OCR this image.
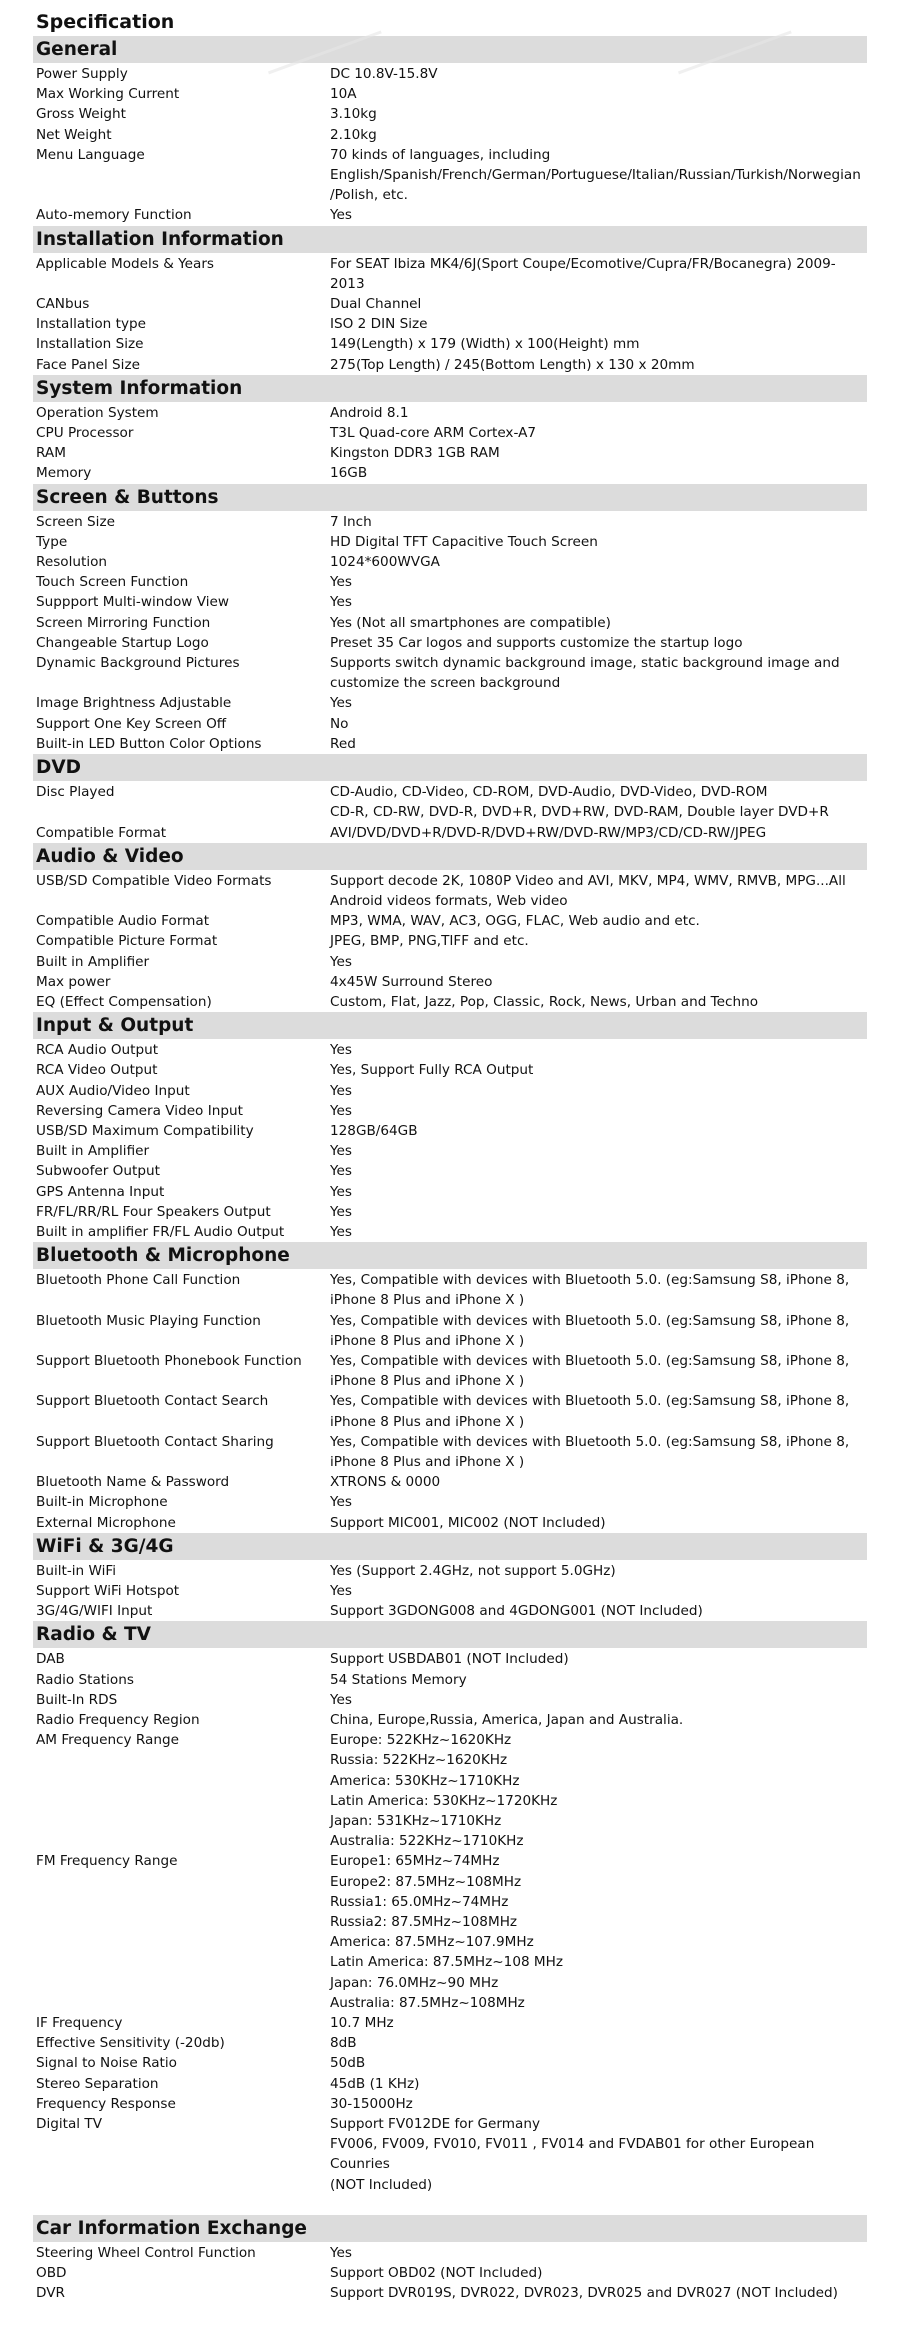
Specification
General
Power Supply	DC 10.8V-15.8V
Max Working Current	10A
Gross Weight	3.10kg
Net Weight	2.10kg
Menu Language	70 kinds of languages, including
English/Spanish/French/German/Portuguese/Italian/Russian/Turkish/Norwegian
/Polish, etc.
Auto-memory Function	Yes
Installation Information
Applicable Models & Years	For SEAT Ibiza MK4/6J(Sport Coupe/Ecomotive/Cupra/FR/Bocanegra) 2009-
2013
CANbus	Dual Channel
Installation type	ISO 2 DIN Size
Installation Size	149(Length) x 179 (Width) x 100(Height) mm
Face Panel Size	275(Top Length) / 245(Bottom Length) x 130 x 20mm
System Information
Operation System	Android 8.1
CPU Processor	T3L Quad-core ARM Cortex-A7
RAM	Kingston DDR3 1GB RAM
Memory	16GB
Screen & Buttons
Screen Size	7 Inch
Type	HD Digital TFT Capacitive Touch Screen
Resolution	1024*600WVGA
Touch Screen Function	Yes
Suppport Multi-window View	Yes
Screen Mirroring Function	Yes (Not all smartphones are compatible)
Changeable Startup Logo	Preset 35 Car logos and supports customize the startup logo
Dynamic Background Pictures	Supports switch dynamic background image, static background image and
customize the screen background
Image Brightness Adjustable	Yes
Support One Key Screen Off	No
Built-in LED Button Color Options	Red
DVD
Disc Played	CD-Audio, CD-Video, CD-ROM, DVD-Audio, DVD-Video, DVD-ROM
CD-R, CD-RW, DVD-R, DVD+R, DVD+RW, DVD-RAM, Double layer DVD+R
Compatible Format	AVI/DVD/DVD+R/DVD-R/DVD+RW/DVD-RW/MP3/CD/CD-RW/JPEG
Audio & Video
USB/SD Compatible Video Formats	Support decode 2K, 1080P Video and AVI, MKV, MP4, WMV, RMVB, MPG...All
Android videos formats, Web video
Compatible Audio Format	MP3, WMA, WAV, AC3, OGG, FLAC, Web audio and etc.
Compatible Picture Format	JPEG, BMP, PNG,TIFF and etc.
Built in Amplifier	Yes
Max power	4x45W Surround Stereo
EQ (Effect Compensation)	Custom, Flat, Jazz, Pop, Classic, Rock, News, Urban and Techno
Input & Output
RCA Audio Output	Yes
RCA Video Output	Yes, Support Fully RCA Output
AUX Audio/Video Input	Yes
Reversing Camera Video Input	Yes
USB/SD Maximum Compatibility	128GB/64GB
Built in Amplifier	Yes
Subwoofer Output	Yes
GPS Antenna Input	Yes
FR/FL/RR/RL Four Speakers Output	Yes
Built in amplifier FR/FL Audio Output	Yes
Bluetooth & Microphone
Bluetooth Phone Call Function	Yes, Compatible with devices with Bluetooth 5.0. (eg:Samsung S8, iPhone 8,
iPhone 8 Plus and iPhone X )
Bluetooth Music Playing Function	Yes, Compatible with devices with Bluetooth 5.0. (eg:Samsung S8, iPhone 8,
iPhone 8 Plus and iPhone X )
Support Bluetooth Phonebook Function	Yes, Compatible with devices with Bluetooth 5.0. (eg:Samsung S8, iPhone 8,
iPhone 8 Plus and iPhone X )
Support Bluetooth Contact Search	Yes, Compatible with devices with Bluetooth 5.0. (eg:Samsung S8, iPhone 8,
iPhone 8 Plus and iPhone X )
Support Bluetooth Contact Sharing	Yes, Compatible with devices with Bluetooth 5.0. (eg:Samsung S8, iPhone 8,
iPhone 8 Plus and iPhone X )
Bluetooth Name & Password	XTRONS & 0000
Built-in Microphone	Yes
External Microphone	Support MIC001, MIC002 (NOT Included)
WiFi & 3G/4G
Built-in WiFi	Yes (Support 2.4GHz, not support 5.0GHz)
Support WiFi Hotspot	Yes
3G/4G/WIFI Input	Support 3GDONG008 and 4GDONG001 (NOT Included)
Radio & TV
DAB	Support USBDAB01 (NOT Included)
Radio Stations	54 Stations Memory
Built-In RDS	Yes
Radio Frequency Region	China, Europe,Russia, America, Japan and Australia.
AM Frequency Range	Europe: 522KHz~1620KHz
Russia: 522KHz~1620KHz
America: 530KHz~1710KHz
Latin America: 530KHz~1720KHz
Japan: 531KHz~1710KHz
Australia: 522KHz~1710KHz
FM Frequency Range	Europe1: 65MHz~74MHz
Europe2: 87.5MHz~108MHz
Russia1: 65.0MHz~74MHz
Russia2: 87.5MHz~108MHz
America: 87.5MHz~107.9MHz
Latin America: 87.5MHz~108 MHz
Japan: 76.0MHz~90 MHz
Australia: 87.5MHz~108MHz
IF Frequency	10.7 MHz
Effective Sensitivity (-20db)	8dB
Signal to Noise Ratio	50dB
Stereo Separation	45dB (1 KHz)
Frequency Response	30-15000Hz
Digital TV	Support FV012DE for Germany
FV006, FV009, FV010, FV011 , FV014 and FVDAB01 for other European Counries
(NOT Included)
Car Information Exchange
Steering Wheel Control Function	Yes
OBD	Support OBD02 (NOT Included)
DVR	Support DVR019S, DVR022, DVR023, DVR025 and DVR027 (NOT Included)
